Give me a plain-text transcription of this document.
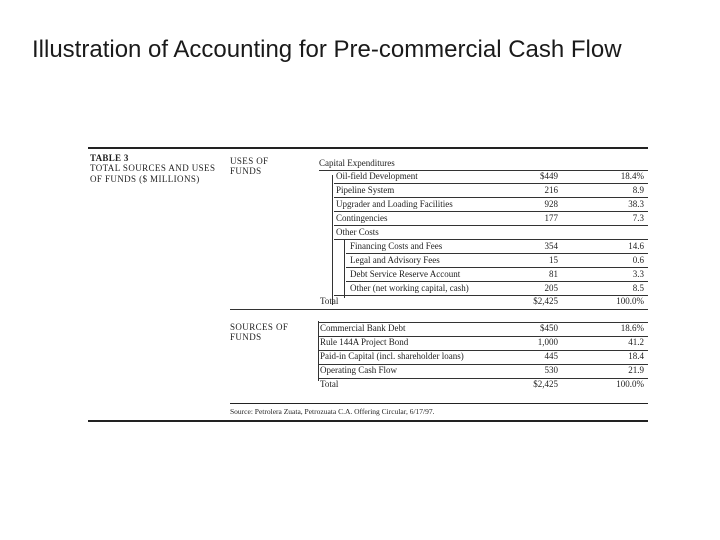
Illustration of Accounting for Pre-commercial Cash Flow
TABLE 3
TOTAL SOURCES AND USES
OF FUNDS ($ MILLIONS)
USES OF
FUNDS
Capital Expenditures
Oil-field Development	$449	18.4%
Pipeline System	216	8.9
Upgrader and Loading Facilities	928	38.3
Contingencies	177	7.3
Other Costs
Financing Costs and Fees	354	14.6
Legal and Advisory Fees	15	0.6
Debt Service Reserve Account	81	3.3
Other (net working capital, cash)	205	8.5
Total	$2,425	100.0%
SOURCES OF
FUNDS
Commercial Bank Debt	$450	18.6%
Rule 144A Project Bond	1,000	41.2
Paid-in Capital (incl. shareholder loans)	445	18.4
Operating Cash Flow	530	21.9
Total	$2,425	100.0%
Source: Petrolera Zuata, Petrozuata C.A. Offering Circular, 6/17/97.
